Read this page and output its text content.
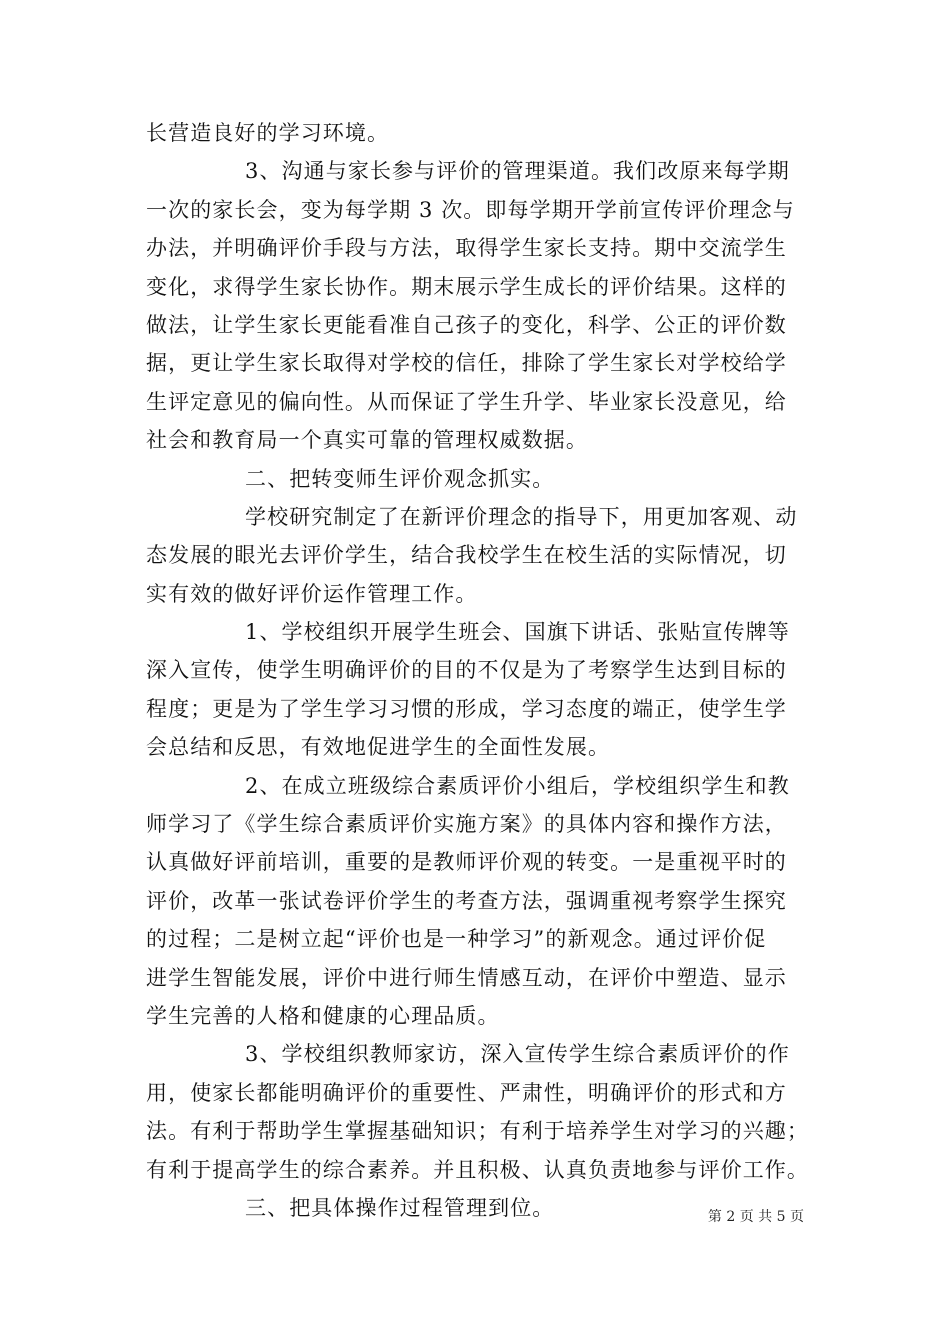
长营造良好的学习环境。
3、沟通与家长参与评价的管理渠道。我们改原来每学期
一次的家长会，变为每学期 3 次。即每学期开学前宣传评价理念与
办法，并明确评价手段与方法，取得学生家长支持。期中交流学生
变化，求得学生家长协作。期末展示学生成长的评价结果。这样的
做法，让学生家长更能看准自己孩子的变化，科学、公正的评价数
据，更让学生家长取得对学校的信任，排除了学生家长对学校给学
生评定意见的偏向性。从而保证了学生升学、毕业家长没意见，给
社会和教育局一个真实可靠的管理权威数据。
二、把转变师生评价观念抓实。
学校研究制定了在新评价理念的指导下，用更加客观、动
态发展的眼光去评价学生，结合我校学生在校生活的实际情况，切
实有效的做好评价运作管理工作。
1、学校组织开展学生班会、国旗下讲话、张贴宣传牌等
深入宣传，使学生明确评价的目的不仅是为了考察学生达到目标的
程度；更是为了学生学习习惯的形成，学习态度的端正，使学生学
会总结和反思，有效地促进学生的全面性发展。
2、在成立班级综合素质评价小组后，学校组织学生和教
师学习了《学生综合素质评价实施方案》的具体内容和操作方法，
认真做好评前培训，重要的是教师评价观的转变。一是重视平时的
评价，改革一张试卷评价学生的考查方法，强调重视考察学生探究
的过程；二是树立起“评价也是一种学习”的新观念。通过评价促
进学生智能发展，评价中进行师生情感互动，在评价中塑造、显示
学生完善的人格和健康的心理品质。
3、学校组织教师家访，深入宣传学生综合素质评价的作
用，使家长都能明确评价的重要性、严肃性，明确评价的形式和方
法。有利于帮助学生掌握基础知识；有利于培养学生对学习的兴趣；
有利于提高学生的综合素养。并且积极、认真负责地参与评价工作。
三、把具体操作过程管理到位。	第 2 页 共 5 页
